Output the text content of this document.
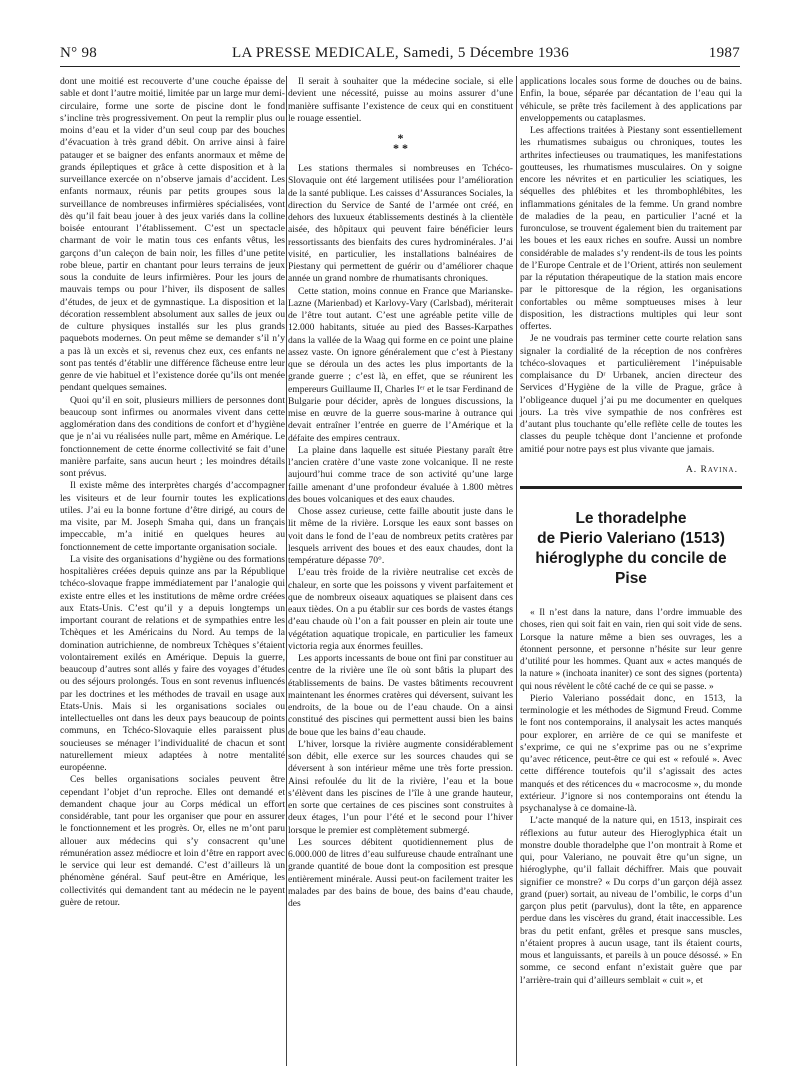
N° 98	LA PRESSE MEDICALE, Samedi, 5 Décembre 1936	1987

dont une moitié est recouverte d’une couche épaisse de sable et dont l’autre moitié, limitée par un large mur demi-circulaire, forme une sorte de piscine dont le fond s’incline très progressivement. On peut la remplir plus ou moins d’eau et la vider d’un seul coup par des bouches d’évacuation à très grand débit. On arrive ainsi à faire patauger et se baigner des enfants anormaux et même de grands épileptiques et grâce à cette disposition et à la surveillance exercée on n’observe jamais d’accident. Les enfants normaux, réunis par petits groupes sous la surveillance de nombreuses infirmières spécialisées, vont dès qu’il fait beau jouer à des jeux variés dans la colline boisée entourant l’établissement. C’est un spectacle charmant de voir le matin tous ces enfants vêtus, les garçons d’un caleçon de bain noir, les filles d’une petite robe bleue, partir en chantant pour leurs terrains de jeux sous la conduite de leurs infirmières. Pour les jours de mauvais temps ou pour l’hiver, ils disposent de salles d’études, de jeux et de gymnastique. La disposition et la décoration ressemblent absolument aux salles de jeux ou de culture physiques installés sur les plus grands paquebots modernes. On peut même se demander s’il n’y a pas là un excès et si, revenus chez eux, ces enfants ne sont pas tentés d’établir une différence fâcheuse entre leur genre de vie habituel et l’existence dorée qu’ils ont menée pendant quelques semaines.

Quoi qu’il en soit, plusieurs milliers de personnes dont beaucoup sont infirmes ou anormales vivent dans cette agglomération dans des conditions de confort et d’hygiène que je n’ai vu réalisées nulle part, même en Amérique. Le fonctionnement de cette énorme collectivité se fait d’une manière parfaite, sans aucun heurt ; les moindres détails sont prévus.

Il existe même des interprètes chargés d’accompagner les visiteurs et de leur fournir toutes les explications utiles. J’ai eu la bonne fortune d’être dirigé, au cours de ma visite, par M. Joseph Smaha qui, dans un français impeccable, m’a initié en quelques heures au fonctionnement de cette importante organisation sociale.

La visite des organisations d’hygiène ou des formations hospitalières créées depuis quinze ans par la République tchéco-slovaque frappe immédiatement par l’analogie qui existe entre elles et les institutions de même ordre créées aux Etats-Unis. C’est qu’il y a depuis longtemps un important courant de relations et de sympathies entre les Tchèques et les Américains du Nord. Au temps de la domination autrichienne, de nombreux Tchèques s’étaient volontairement exilés en Amérique. Depuis la guerre, beaucoup d’autres sont allés y faire des voyages d’études ou des séjours prolongés. Tous en sont revenus influencés par les doctrines et les méthodes de travail en usage aux Etats-Unis. Mais si les organisations sociales ou intellectuelles ont dans les deux pays beaucoup de points communs, en Tchéco-Slovaquie elles paraissent plus soucieuses se ménager l’individualité de chacun et sont naturellement mieux adaptées à notre mentalité européenne.

Ces belles organisations sociales peuvent être cependant l’objet d’un reproche. Elles ont demandé et demandent chaque jour au Corps médical un effort considérable, tant pour les organiser que pour en assurer le fonctionnement et les progrès. Or, elles ne m’ont paru allouer aux médecins qui s’y consacrent qu’une rémunération assez médiocre et loin d’être en rapport avec le service qui leur est demandé. C’est d’ailleurs là un phénomène général. Sauf peut-être en Amérique, les collectivités qui demandent tant au médecin ne le payent guère de retour.

Il serait à souhaiter que la médecine sociale, si elle devient une nécessité, puisse au moins assurer d’une manière suffisante l’existence de ceux qui en constituent le rouage essentiel.

*
* *

Les stations thermales si nombreuses en Tchéco-Slovaquie ont été largement utilisées pour l’amélioration de la santé publique. Les caisses d’Assurances Sociales, la direction du Service de Santé de l’armée ont créé, en dehors des luxueux établissements destinés à la clientèle aisée, des hôpitaux qui peuvent faire bénéficier leurs ressortissants des bienfaits des cures hydrominérales. J’ai visité, en particulier, les installations balnéaires de Piestany qui permettent de guérir ou d’améliorer chaque année un grand nombre de rhumatisants chroniques.

Cette station, moins connue en France que Marianske-Lazne (Marienbad) et Karlovy-Vary (Carlsbad), mériterait de l’être tout autant. C’est une agréable petite ville de 12.000 habitants, située au pied des Basses-Karpathes dans la vallée de la Waag qui forme en ce point une plaine assez vaste. On ignore généralement que c’est à Piestany que se déroula un des actes les plus importants de la grande guerre ; c’est là, en effet, que se réunirent les empereurs Guillaume II, Charles Iᵉʳ et le tsar Ferdinand de Bulgarie pour décider, après de longues discussions, la mise en œuvre de la guerre sous-marine à outrance qui devait entraîner l’entrée en guerre de l’Amérique et la défaite des empires centraux.

La plaine dans laquelle est située Piestany paraît être l’ancien cratère d’une vaste zone volcanique. Il ne reste aujourd’hui comme trace de son activité qu’une large faille amenant d’une profondeur évaluée à 1.800 mètres des boues volcaniques et des eaux chaudes.

Chose assez curieuse, cette faille aboutit juste dans le lit même de la rivière. Lorsque les eaux sont basses on voit dans le fond de l’eau de nombreux petits cratères par lesquels arrivent des boues et des eaux chaudes, dont la température dépasse 70°.

L’eau très froide de la rivière neutralise cet excès de chaleur, en sorte que les poissons y vivent parfaitement et que de nombreux oiseaux aquatiques se plaisent dans ces eaux tièdes. On a pu établir sur ces bords de vastes étangs d’eau chaude où l’on a fait pousser en plein air toute une végétation aquatique tropicale, en particulier les fameux victoria regia aux énormes feuilles.

Les apports incessants de boue ont fini par constituer au centre de la rivière une île où sont bâtis la plupart des établissements de bains. De vastes bâtiments recouvrent maintenant les énormes cratères qui déversent, suivant les endroits, de la boue ou de l’eau chaude. On a ainsi constitué des piscines qui permettent aussi bien les bains de boue que les bains d’eau chaude.

L’hiver, lorsque la rivière augmente considérablement son débit, elle exerce sur les sources chaudes qui se déversent à son intérieur même une très forte pression. Ainsi refoulée du lit de la rivière, l’eau et la boue s’élèvent dans les piscines de l’île à une grande hauteur, en sorte que certaines de ces piscines sont construites à deux étages, l’un pour l’été et le second pour l’hiver lorsque le premier est complètement submergé.

Les sources débitent quotidiennement plus de 6.000.000 de litres d’eau sulfureuse chaude entraînant une grande quantité de boue dont la composition est presque entièrement minérale. Aussi peut-on facilement traiter les malades par des bains de boue, des bains d’eau chaude, des

applications locales sous forme de douches ou de bains. Enfin, la boue, séparée par décantation de l’eau qui la véhicule, se prête très facilement à des applications par enveloppements ou cataplasmes.

Les affections traitées à Piestany sont essentiellement les rhumatismes subaigus ou chroniques, toutes les arthrites infectieuses ou traumatiques, les manifestations goutteuses, les rhumatismes musculaires. On y soigne encore les névrites et en particulier les sciatiques, les séquelles des phlébites et les thrombophlébites, les inflammations génitales de la femme. Un grand nombre de maladies de la peau, en particulier l’acné et la furonculose, se trouvent également bien du traitement par les boues et les eaux riches en soufre. Aussi un nombre considérable de malades s’y rendent-ils de tous les points de l’Europe Centrale et de l’Orient, attirés non seulement par la réputation thérapeutique de la station mais encore par le pittoresque de la région, les organisations confortables ou même somptueuses mises à leur disposition, les distractions multiples qui leur sont offertes.

Je ne voudrais pas terminer cette courte relation sans signaler la cordialité de la réception de nos confrères tchéco-slovaques et particulièrement l’inépuisable complaisance du Dʳ Urbanek, ancien directeur des Services d’Hygiène de la ville de Prague, grâce à l’obligeance duquel j’ai pu me documenter en quelques jours. La très vive sympathie de nos confrères est d’autant plus touchante qu’elle reflète celle de toutes les classes du peuple tchèque dont l’ancienne et profonde amitié pour notre pays est plus vivante que jamais.

A. Ravina.
Le thoradelphe
de Pierio Valeriano (1513)
hiéroglyphe du concile de Pise

« Il n’est dans la nature, dans l’ordre immuable des choses, rien qui soit fait en vain, rien qui soit vide de sens. Lorsque la nature même a bien ses ouvrages, les a étonnent personne, et personne n’hésite sur leur genre d’utilité pour les hommes. Quant aux « actes manqués de la nature » (inchoata inaniter) ce sont des signes (portenta) qui nous révèlent le côté caché de ce qui se passe. »

Pierio Valeriano possédait donc, en 1513, la terminologie et les méthodes de Sigmund Freud. Comme le font nos contemporains, il analysait les actes manqués pour explorer, en arrière de ce qui se manifeste et s’exprime, ce qui ne s’exprime pas ou ne s’exprime qu’avec réticence, peut-être ce qui est « refoulé ». Avec cette différence toutefois qu’il s’agissait des actes manqués et des réticences du « macrocosme », du monde extérieur. J’ignore si nos contemporains ont étendu la psychanalyse à ce domaine-là.

L’acte manqué de la nature qui, en 1513, inspirait ces réflexions au futur auteur des Hieroglyphica était un monstre double thoradelphe que l’on montrait à Rome et qui, pour Valeriano, ne pouvait être qu’un signe, un hiéroglyphe, qu’il fallait déchiffrer. Mais que pouvait signifier ce monstre? « Du corps d’un garçon déjà assez grand (puer) sortait, au niveau de l’ombilic, le corps d’un garçon plus petit (parvulus), dont la tête, en apparence perdue dans les viscères du grand, était inaccessible. Les bras du petit enfant, grêles et presque sans muscles, n’étaient propres à aucun usage, tant ils étaient courts, mous et languissants, et pareils à un pouce désossé. » En somme, ce second enfant n’existait guère que par l’arrière-train qui d’ailleurs semblait « cuit », et
